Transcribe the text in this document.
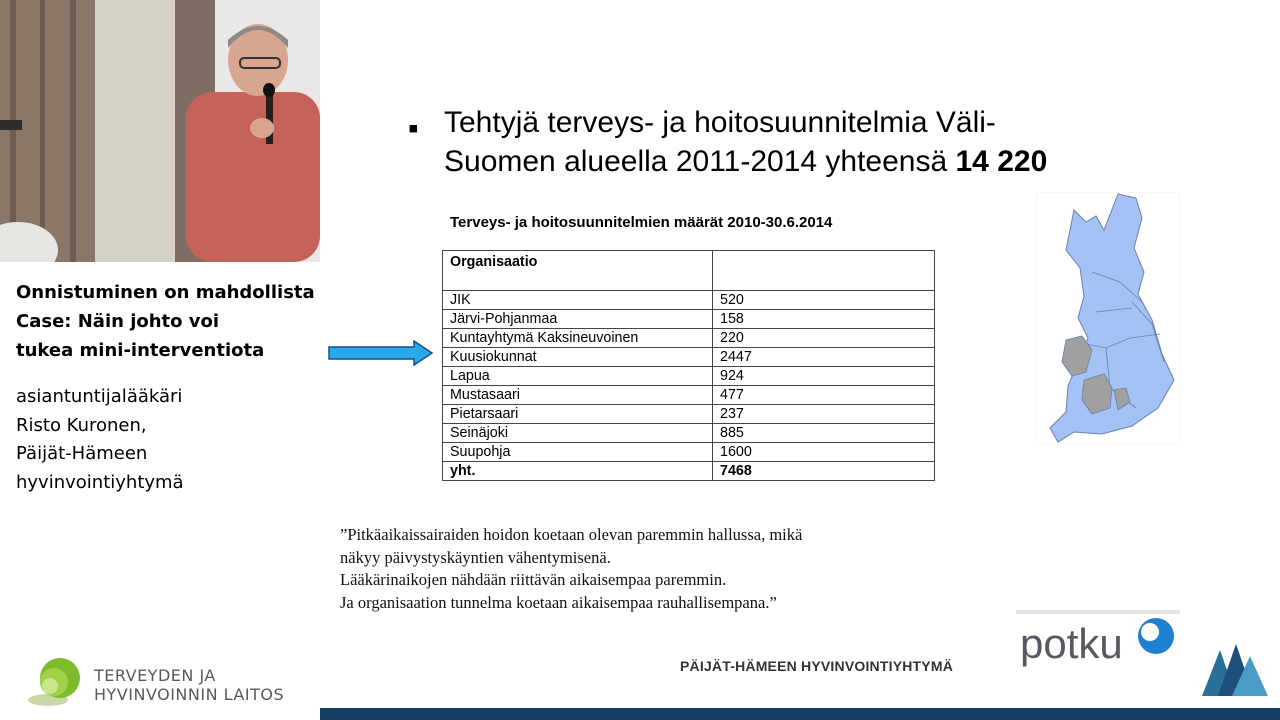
Onnistuminen on mahdollista
Case: Näin johto voi
tukea mini-interventiota
asiantuntijalääkäri
Risto Kuronen,
Päijät-Hämeen
hyvinvointiyhtymä
TERVEYDEN JA
HYVINVOINNIN LAITOS
▪ Tehtyjä terveys- ja hoitosuunnitelmia Väli-
Suomen alueella 2011-2014 yhteensä 14 220
Terveys- ja hoitosuunnitelmien määrät 2010-30.6.2014
Organisaatio	
JIK	520
Järvi-Pohjanmaa	158
Kuntayhtymä Kaksineuvoinen	220
Kuusiokunnat	2447
Lapua	924
Mustasaari	477
Pietarsaari	237
Seinäjoki	885
Suupohja	1600
yht.	7468
”Pitkäaikaissairaiden hoidon koetaan olevan paremmin hallussa, mikä
näkyy päivystyskäyntien vähentymisenä.
Lääkärinaikojen nähdään riittävän aikaisempaa paremmin.
Ja organisaation tunnelma koetaan aikaisempaa rauhallisempana.”
potku
PÄIJÄT-HÄMEEN HYVINVOINTIYHTYMÄ
